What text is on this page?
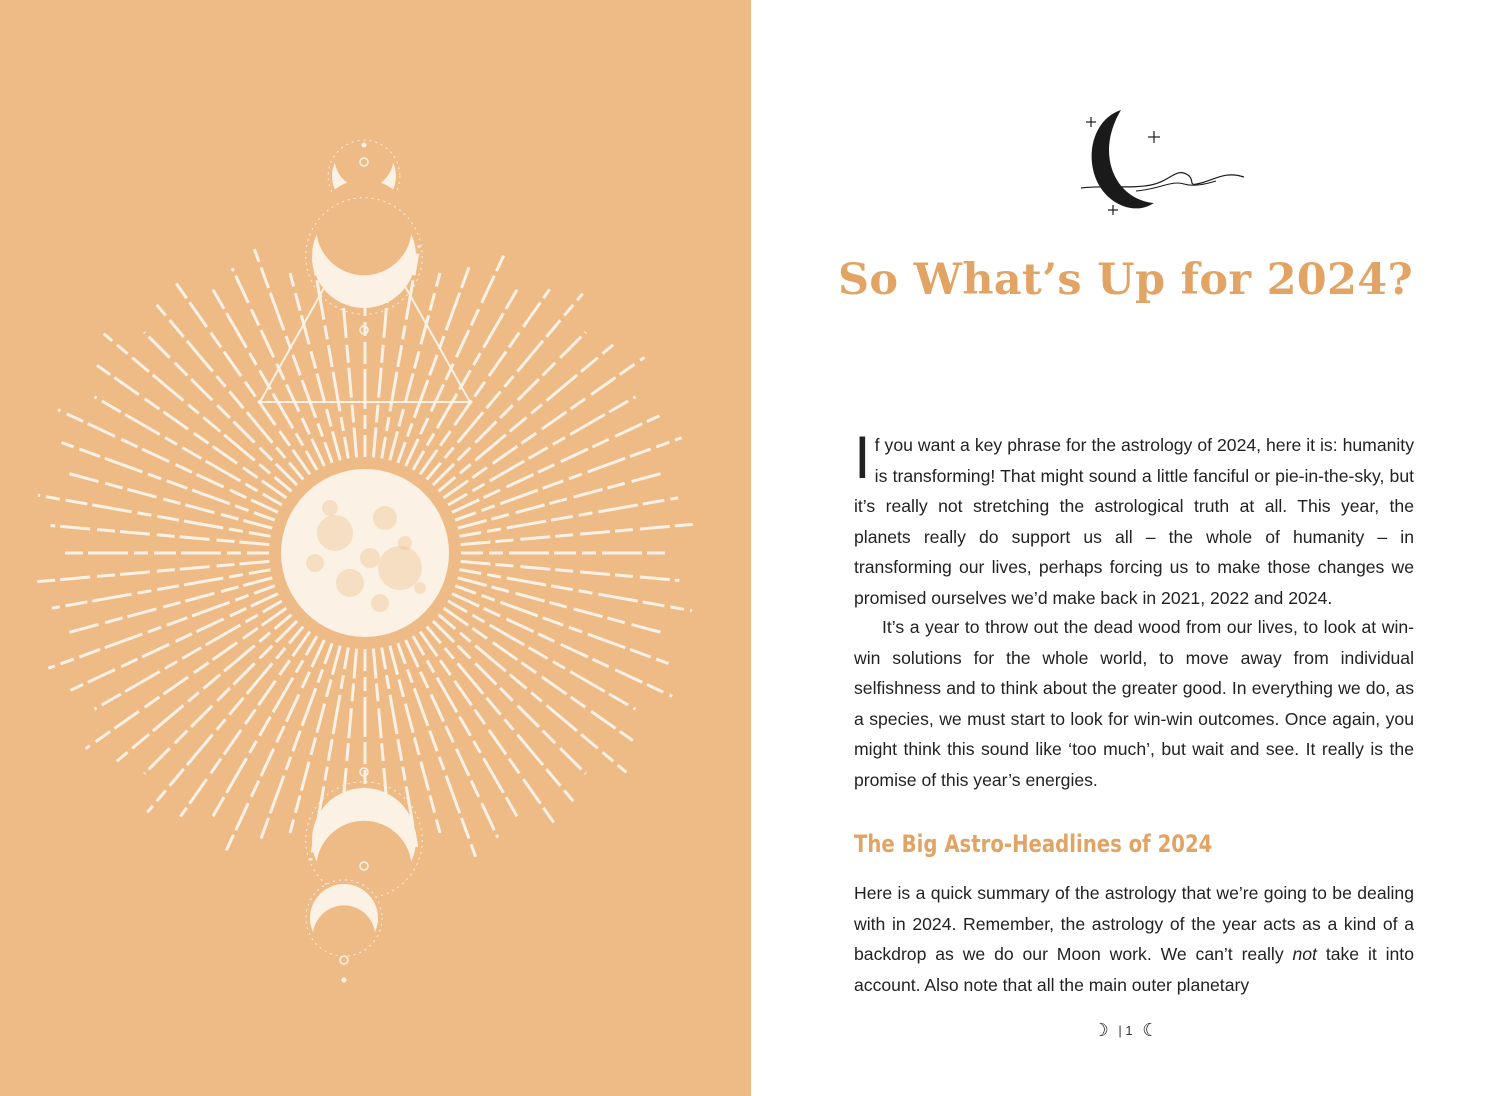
So What’s Up for 2024?

If you want a key phrase for the astrology of 2024, here it is: humanity is transforming! That might sound a little fanciful or pie-in-the-sky, but it’s really not stretching the astrological truth at all. This year, the planets really do support us all – the whole of humanity – in transforming our lives, perhaps forcing us to make those changes we promised ourselves we’d make back in 2021, 2022 and 2024.

It’s a year to throw out the dead wood from our lives, to look at win-win solutions for the whole world, to move away from individual selfishness and to think about the greater good. In everything we do, as a species, we must start to look for win-win outcomes. Once again, you might think this sound like ‘too much’, but wait and see. It really is the promise of this year’s energies.

The Big Astro-Headlines of 2024

Here is a quick summary of the astrology that we’re going to be dealing with in 2024. Remember, the astrology of the year acts as a kind of a backdrop as we do our Moon work. We can’t really not take it into account. Also note that all the main outer planetary

☽ | 1 ☾
